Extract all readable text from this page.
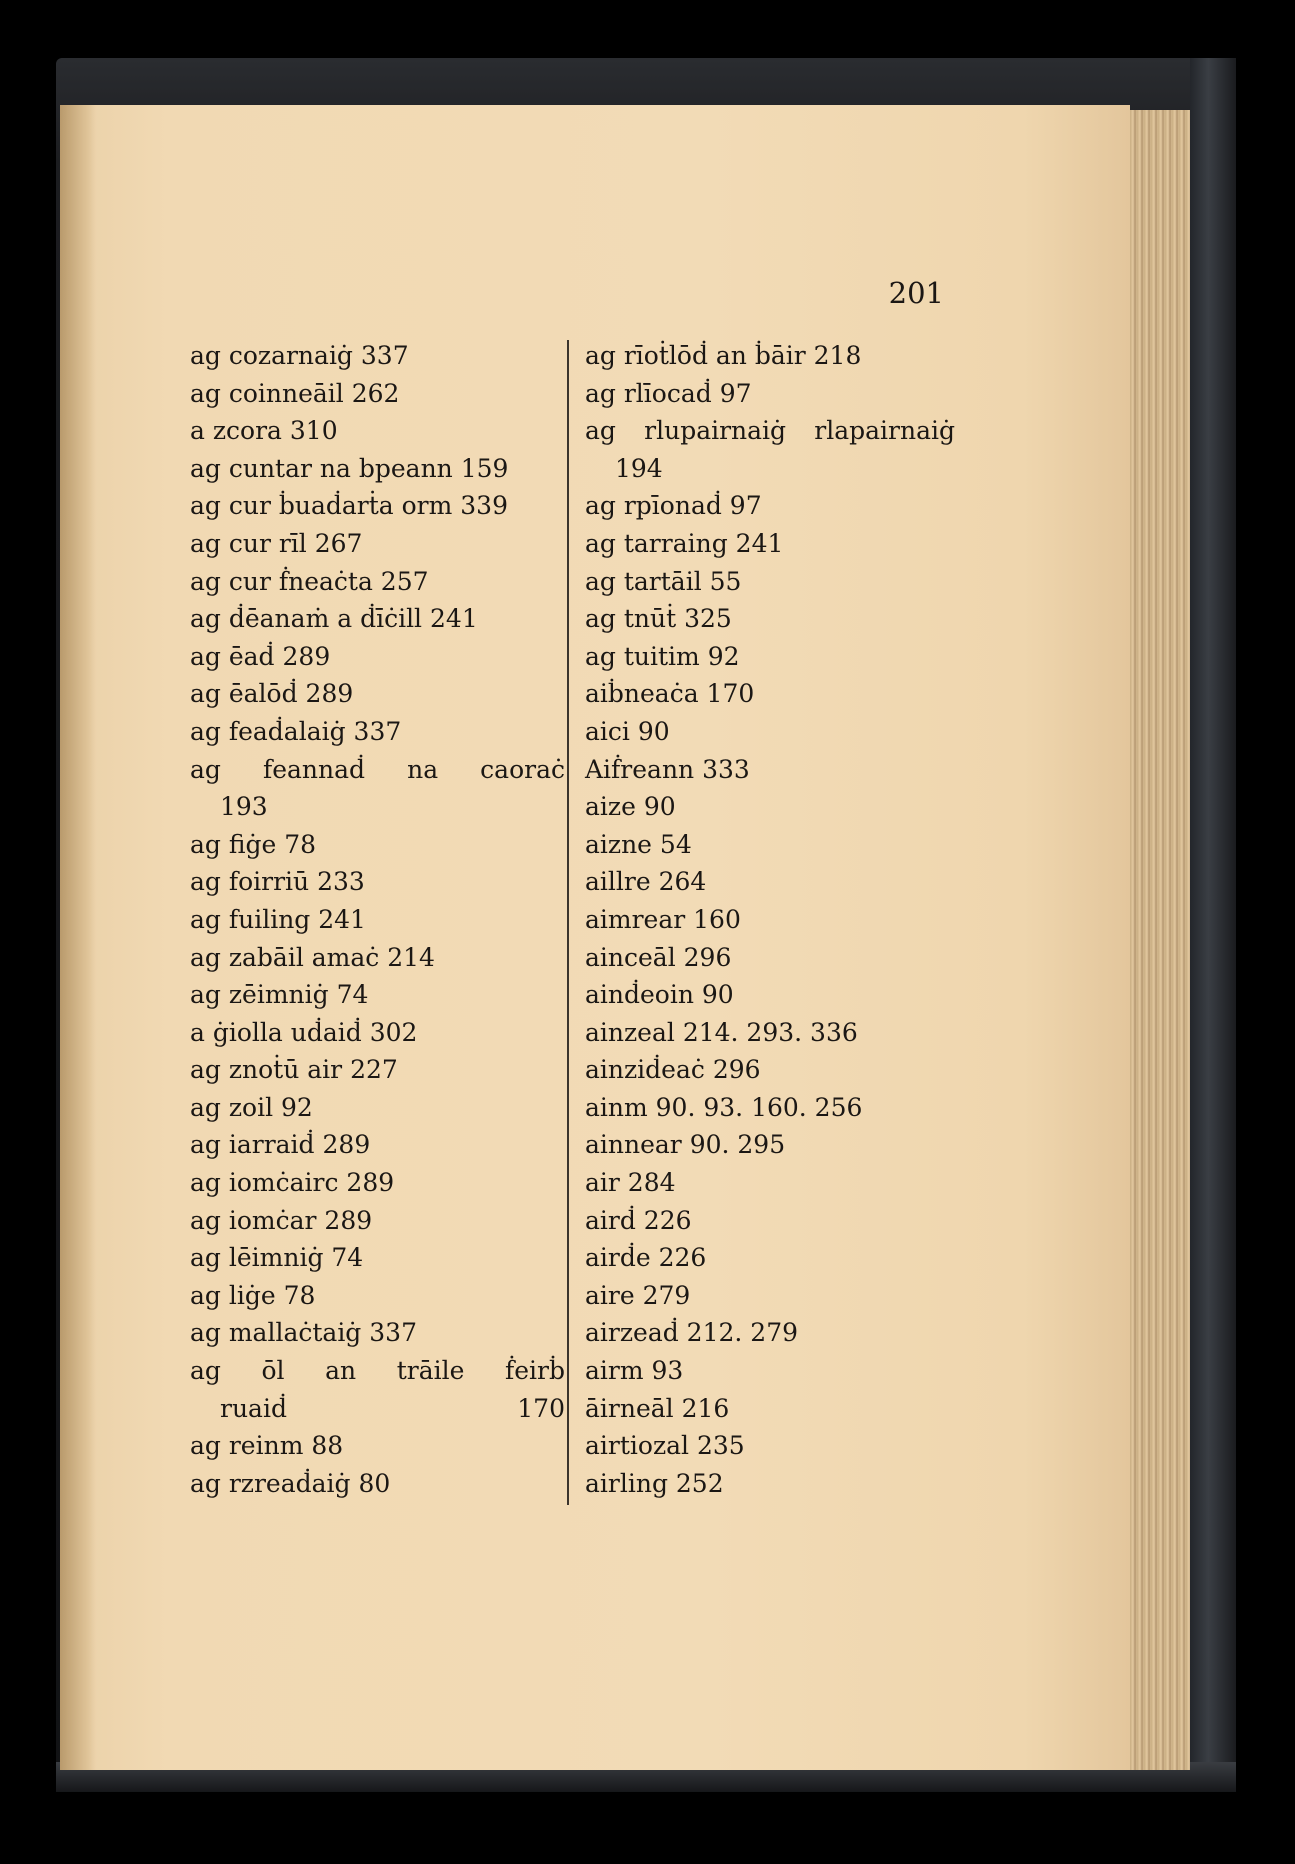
201
ag cozarnaiġ 337
ag coinneāil 262
a zcora 310
ag cuntar na bpeann 159
ag cur ḃuaḋarṫa orm 339
ag cur rīl 267
ag cur ḟneaċta 257
ag ḋēanaṁ a ḋīċill 241
ag ēaḋ 289
ag ēalōḋ 289
ag feaḋalaiġ 337
ag feannaḋ na caoraċ
193
ag fiġe 78
ag foirriū 233
ag fuiling 241
ag zabāil amaċ 214
ag zēimniġ 74
a ġiolla uḋaiḋ 302
ag znoṫū air 227
ag zoil 92
ag iarraiḋ 289
ag iomċairc 289
ag iomċar 289
ag lēimniġ 74
ag liġe 78
ag mallaċtaiġ 337
ag ōl an trāile ḟeirḃ
ruaiḋ 170
ag reinm 88
ag rzreaḋaiġ 80
ag rīoṫlōḋ an ḃāir 218
ag rlīocaḋ 97
ag rlupairnaiġ rlapairnaiġ
194
ag rpīonaḋ 97
ag tarraing 241
ag tartāil 55
ag tnūṫ 325
ag tuitim 92
aiḃneaċa 170
aici 90
Aiḟreann 333
aize 90
aizne 54
aillre 264
aimrear 160
ainceāl 296
ainḋeoin 90
ainzeal 214. 293. 336
ainziḋeaċ 296
ainm 90. 93. 160. 256
ainnear 90. 295
air 284
airḋ 226
airḋe 226
aire 279
airzeaḋ 212. 279
airm 93
āirneāl 216
airtiozal 235
airling 252
